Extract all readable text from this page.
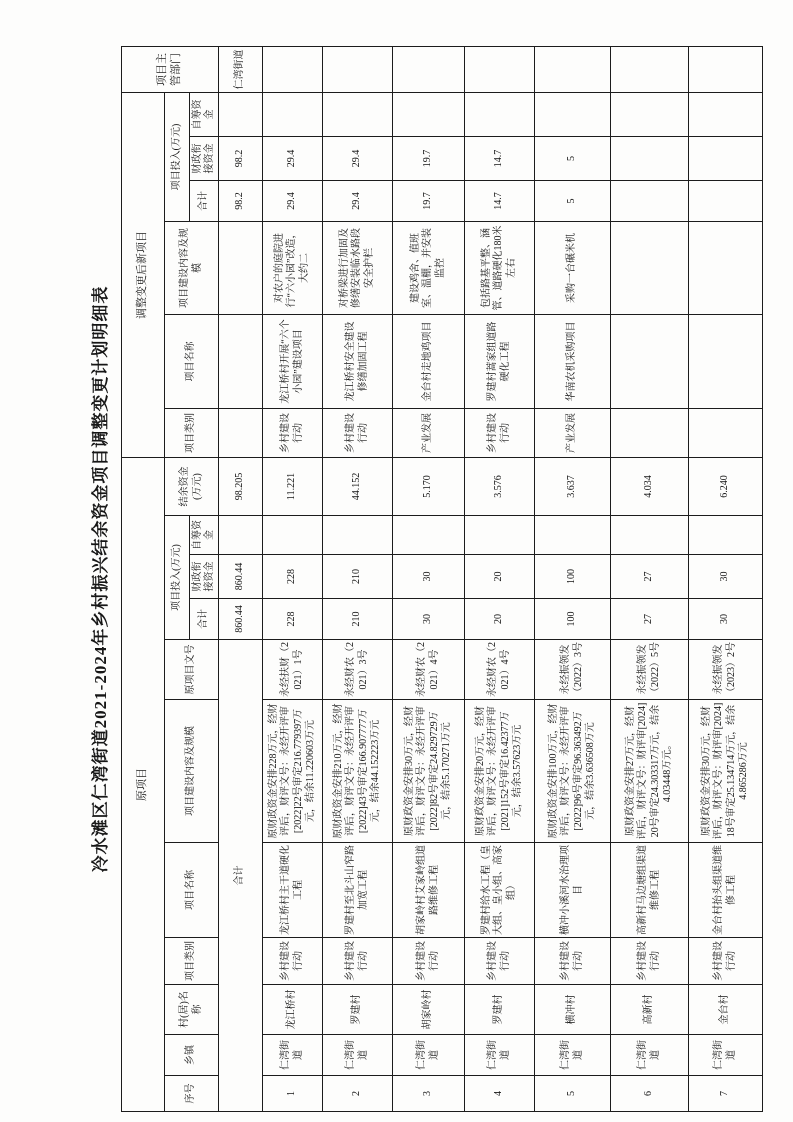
冷水滩区仁湾街道2021-2024年乡村振兴结余资金项目调整变更计划明细表 原项目											调整变更后新项目						项目主管部门
序号	乡镇	村(居)名称	项目类别	项目名称	项目建设内容及规模	原项目文号	项目投入(万元)			结余资金(万元)	项目类别	项目名称	项目建设内容及规模	项目投入(万元)			
							合计	财政衔接资金	自筹资金					合计	财政衔接资金	自筹资金	
合计							860.44	860.44		98.205				98.2	98.2		仁湾街道
1	仁湾街道	龙江桥村	乡村建设行动	龙江桥村主干道硬化工程	原财政资金安排228万元，经财评后，财评文号：永经开评审[2022]22号审定216.779397万元，结余11.220603万元	永经扶财（2021）1号	228	228		11.221	乡村建设行动	龙江桥村开展“六个小园”建设项目	对农户的庭院进行“六小园”改造，大约二	29.4	29.4		
2	仁湾街道	罗建村	乡村建设行动	罗建村至北斗山窄路加宽工程	原财政资金安排210万元，经财评后，财评文号：永经开评审[2022]43号审定166.907777万元，结余44.152223万元	永经财农（2021）3号	210	210		44.152	乡村建设行动	龙江桥村安全建设修缮加固工程	对桥梁进行加固及修缮安装临水路段安全护栏	29.4	29.4		
3	仁湾街道	胡家岭村	乡村建设行动	胡家岭村艾家岭组道路维修工程	原财政资金安排30万元，经财评后，财评文号：永经开评审[2022]82号审定24.829729万元，结余5.170271万元	永经财农（2021）4号	30	30		5.170	产业发展	金台村走地鸡项目	建设鸡舍、值班室、温棚，并安装监控	19.7	19.7		
4	仁湾街道	罗建村	乡村建设行动	罗建村给水工程（皇大组、皇小组、高家组）	原财政资金安排20万元，经财评后，财评文号：永经开评审[2021]152号审定16.42377万元，结余3.57623万元	永经财农（2021）4号	20	20		3.576	乡村建设行动	罗建村蒿家组道路硬化工程	包括路基平整、涵管、道路硬化180米左右	14.7	14.7		
5	仁湾街道	横冲村	乡村建设行动	横冲小溪河水治理项目	原财政资金安排100万元，经财评后，财评文号：永经开评审[2022]96号审定96.363492万元，结余3.636508万元	永经振领发（2022）3号	100	100		3.637	产业发展	华南农机采购项目	采购一台碾米机	5	5		
6	仁湾街道	高新村	乡村建设行动	高新村马边塘组渠道维修工程	原财政资金安排27万元，经财评后，财评文号：财评审[2024]20号审定24.303317万元，结余4.03448万元。	永经振领发（2022）5号	27	27		4.034							
7	仁湾街道	金台村	乡村建设行动	金台村抬头组渠道维修工程	原财政资金安排30万元，经财评后，财评文号：财评审[2024]18号审定25.134714万元，结余4.865286万元	永经振领发（2023）2号	30	30		6.240							
